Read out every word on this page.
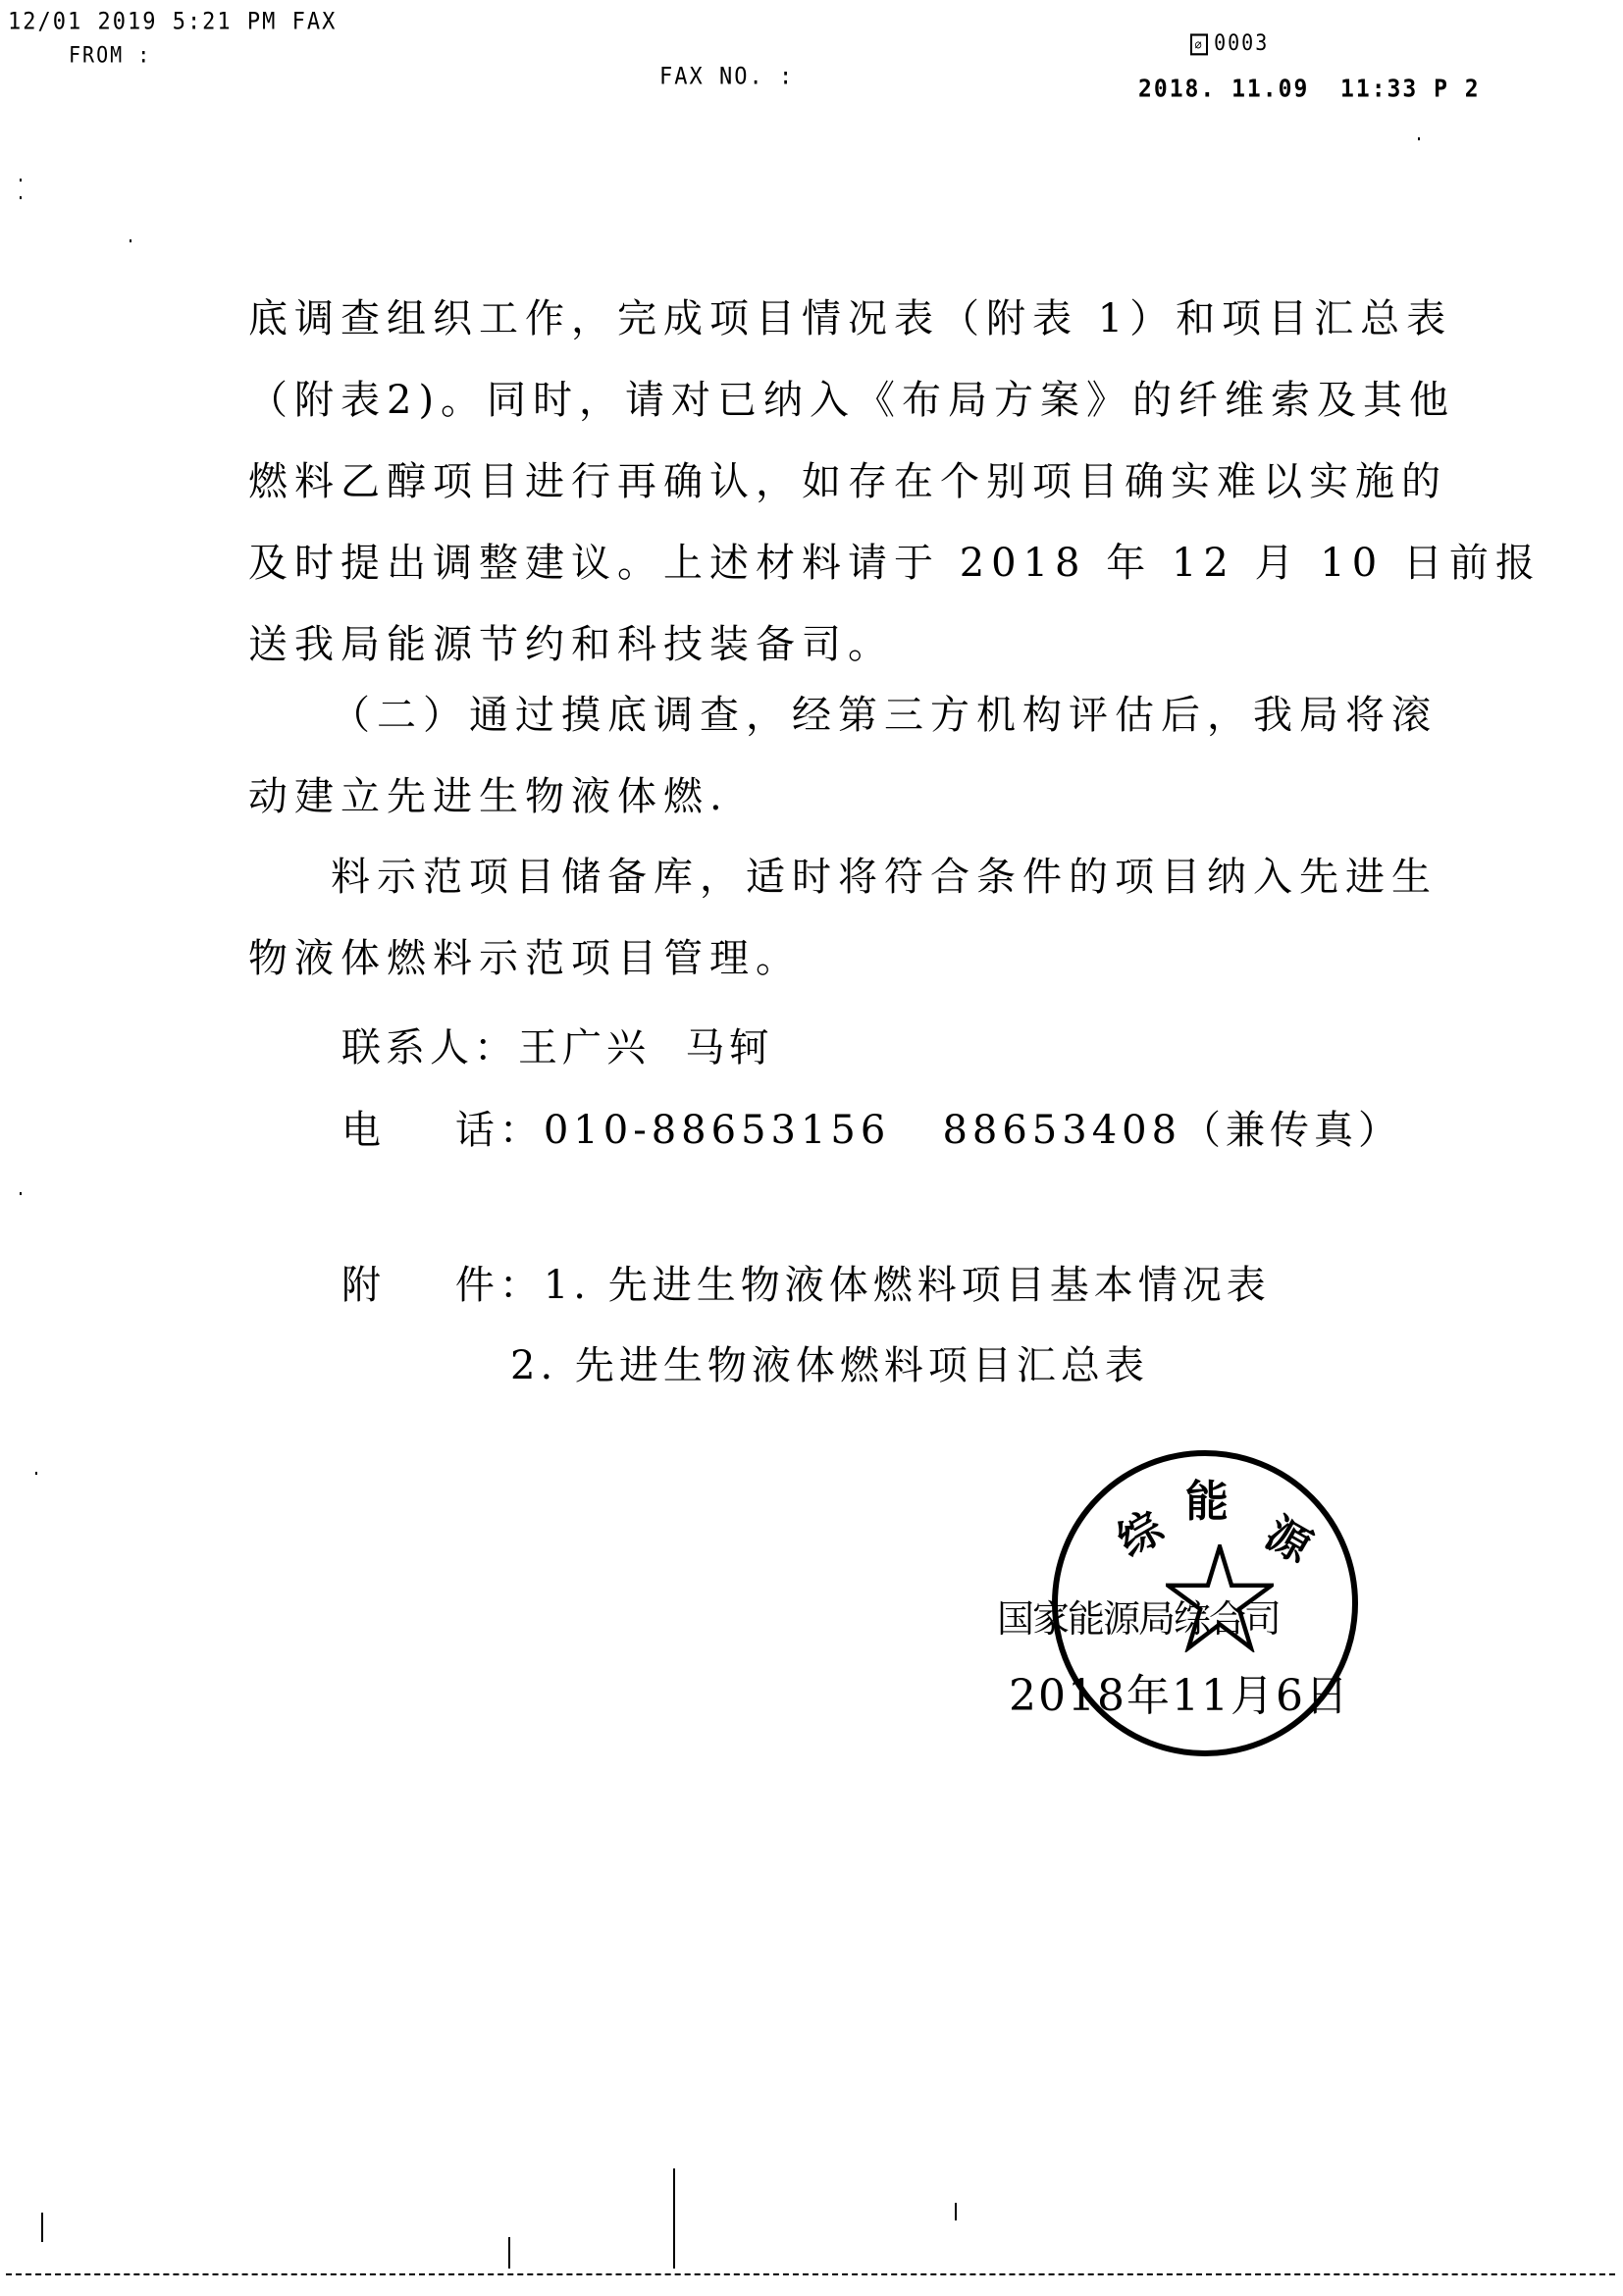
12/01 2019 5:21 PM FAX
FROM :
FAX NO. :

∅ 0003

2018. 11.09  11:33 P 2
底调查组织工作，完成项目情况表（附表 1）和项目汇总表
（附表2)。同时，请对已纳入《布局方案》的纤维索及其他
燃料乙醇项目进行再确认，如存在个别项目确实难以实施的
及时提出调整建议。上述材料请于 2018 年 12 月 10 日前报
送我局能源节约和科技装备司。
（二）通过摸底调查，经第三方机构评估后，我局将滚
动建立先进生物液体燃.
料示范项目储备库，适时将符合条件的项目纳入先进生
物液体燃料示范项目管理。
联系人：王广兴  马轲
电    话：010-88653156   88653408（兼传真）
附    件：1. 先进生物液体燃料项目基本情况表
2. 先进生物液体燃料项目汇总表
综
能
源
国家能源局综合司
2018年11月6日
